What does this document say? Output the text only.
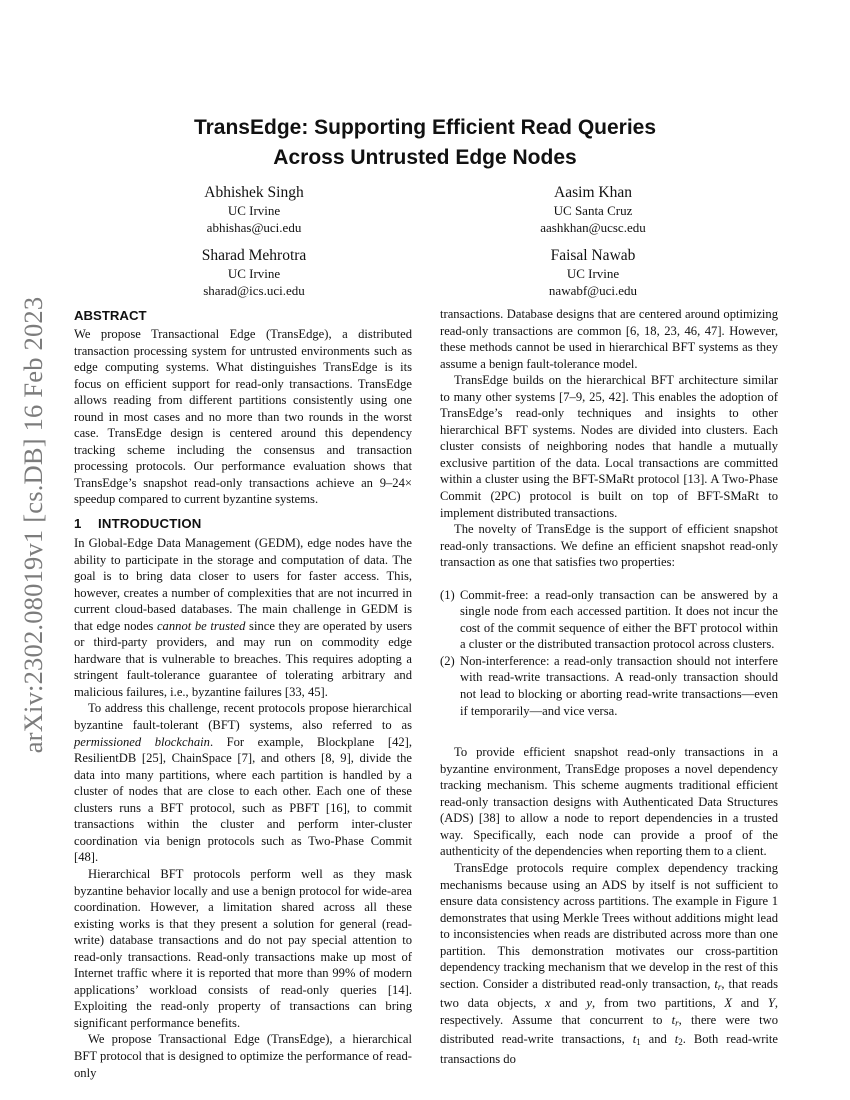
arXiv:2302.08019v1 [cs.DB] 16 Feb 2023
TransEdge: Supporting Efficient Read Queries
Across Untrusted Edge Nodes
Abhishek Singh
UC Irvine
abhishas@uci.edu
Aasim Khan
UC Santa Cruz
aashkhan@ucsc.edu
Sharad Mehrotra
UC Irvine
sharad@ics.uci.edu
Faisal Nawab
UC Irvine
nawabf@uci.edu
ABSTRACT

We propose Transactional Edge (TransEdge), a distributed transaction processing system for untrusted environments such as edge computing systems. What distinguishes TransEdge is its focus on efficient support for read-only transactions. TransEdge allows reading from different partitions consistently using one round in most cases and no more than two rounds in the worst case. TransEdge design is centered around this dependency tracking scheme including the consensus and transaction processing protocols. Our performance evaluation shows that TransEdge’s snapshot read-only transactions achieve an 9–24× speedup compared to current byzantine systems.

1 INTRODUCTION

In Global-Edge Data Management (GEDM), edge nodes have the ability to participate in the storage and computation of data. The goal is to bring data closer to users for faster access. This, however, creates a number of complexities that are not incurred in current cloud-based databases. The main challenge in GEDM is that edge nodes cannot be trusted since they are operated by users or third-party providers, and may run on commodity edge hardware that is vulnerable to breaches. This requires adopting a stringent fault-tolerance guarantee of tolerating arbitrary and malicious failures, i.e., byzantine failures [33, 45].

To address this challenge, recent protocols propose hierarchical byzantine fault-tolerant (BFT) systems, also referred to as permissioned blockchain. For example, Blockplane [42], ResilientDB [25], ChainSpace [7], and others [8, 9], divide the data into many partitions, where each partition is handled by a cluster of nodes that are close to each other. Each one of these clusters runs a BFT protocol, such as PBFT [16], to commit transactions within the cluster and perform inter-cluster coordination via benign protocols such as Two-Phase Commit [48].

Hierarchical BFT protocols perform well as they mask byzantine behavior locally and use a benign protocol for wide-area coordination. However, a limitation shared across all these existing works is that they present a solution for general (read-write) database transactions and do not pay special attention to read-only transactions. Read-only transactions make up most of Internet traffic where it is reported that more than 99% of modern applications’ workload consists of read-only queries [14]. Exploiting the read-only property of transactions can bring significant performance benefits.

We propose Transactional Edge (TransEdge), a hierarchical BFT protocol that is designed to optimize the performance of read-only

transactions. Database designs that are centered around optimizing read-only transactions are common [6, 18, 23, 46, 47]. However, these methods cannot be used in hierarchical BFT systems as they assume a benign fault-tolerance model.

TransEdge builds on the hierarchical BFT architecture similar to many other systems [7–9, 25, 42]. This enables the adoption of TransEdge’s read-only techniques and insights to other hierarchical BFT systems. Nodes are divided into clusters. Each cluster consists of neighboring nodes that handle a mutually exclusive partition of the data. Local transactions are committed within a cluster using the BFT-SMaRt protocol [13]. A Two-Phase Commit (2PC) protocol is built on top of BFT-SMaRt to implement distributed transactions.

The novelty of TransEdge is the support of efficient snapshot read-only transactions. We define an efficient snapshot read-only transaction as one that satisfies two properties:

(1) Commit-free: a read-only transaction can be answered by a single node from each accessed partition. It does not incur the cost of the commit sequence of either the BFT protocol within a cluster or the distributed transaction protocol across clusters.
(2) Non-interference: a read-only transaction should not interfere with read-write transactions. A read-only transaction should not lead to blocking or aborting read-write transactions—even if temporarily—and vice versa.

To provide efficient snapshot read-only transactions in a byzantine environment, TransEdge proposes a novel dependency tracking mechanism. This scheme augments traditional efficient read-only transaction designs with Authenticated Data Structures (ADS) [38] to allow a node to report dependencies in a trusted way. Specifically, each node can provide a proof of the authenticity of the dependencies when reporting them to a client.

TransEdge protocols require complex dependency tracking mechanisms because using an ADS by itself is not sufficient to ensure data consistency across partitions. The example in Figure 1 demonstrates that using Merkle Trees without additions might lead to inconsistencies when reads are distributed across more than one partition. This demonstration motivates our cross-partition dependency tracking mechanism that we develop in the rest of this section. Consider a distributed read-only transaction, $t_r$, that reads two data objects, x and y, from two partitions, X and Y, respectively. Assume that concurrent to $t_r$, there were two distributed read-write transactions, $t_1$ and $t_2$. Both read-write transactions do
